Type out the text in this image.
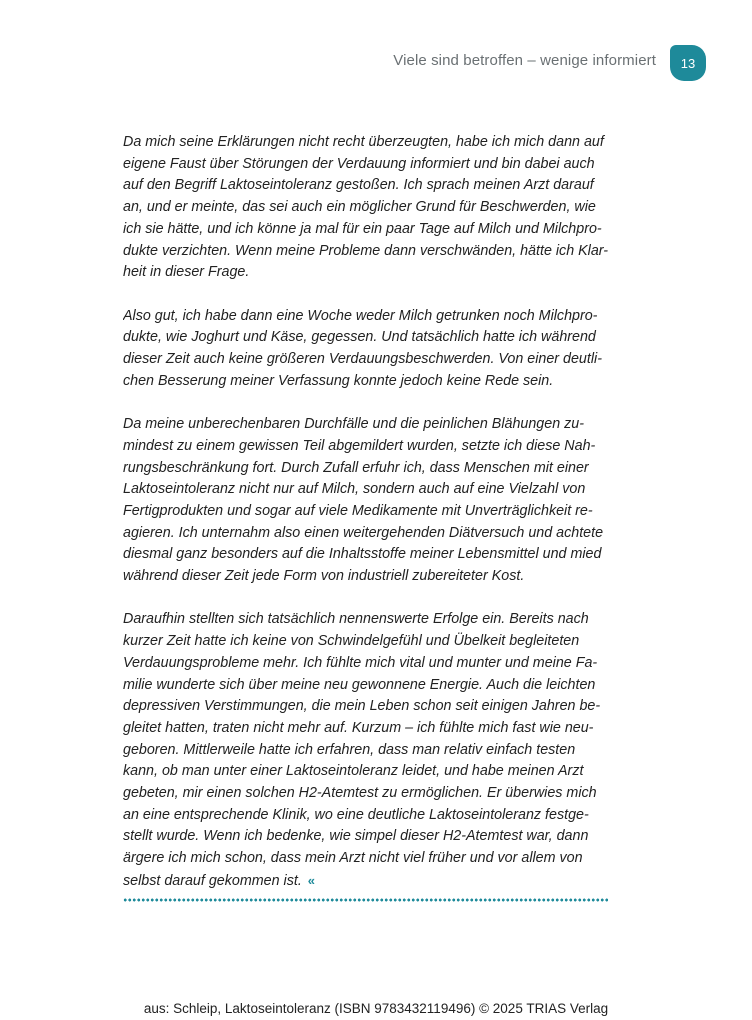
Viele sind betroffen – wenige informiert 13

Da mich seine Erklärungen nicht recht überzeugten, habe ich mich dann auf
eigene Faust über Störungen der Verdauung informiert und bin dabei auch
auf den Begriff Laktoseintoleranz gestoßen. Ich sprach meinen Arzt darauf
an, und er meinte, das sei auch ein möglicher Grund für Beschwerden, wie
ich sie hätte, und ich könne ja mal für ein paar Tage auf Milch und Milchpro-
dukte verzichten. Wenn meine Probleme dann verschwänden, hätte ich Klar-
heit in dieser Frage.

Also gut, ich habe dann eine Woche weder Milch getrunken noch Milchpro-
dukte, wie Joghurt und Käse, gegessen. Und tatsächlich hatte ich während
dieser Zeit auch keine größeren Verdauungsbeschwerden. Von einer deutli-
chen Besserung meiner Verfassung konnte jedoch keine Rede sein.

Da meine unberechenbaren Durchfälle und die peinlichen Blähungen zu-
mindest zu einem gewissen Teil abgemildert wurden, setzte ich diese Nah-
rungsbeschränkung fort. Durch Zufall erfuhr ich, dass Menschen mit einer
Laktoseintoleranz nicht nur auf Milch, sondern auch auf eine Vielzahl von
Fertigprodukten und sogar auf viele Medikamente mit Unverträglichkeit re-
agieren. Ich unternahm also einen weitergehenden Diätversuch und achtete
diesmal ganz besonders auf die Inhaltsstoffe meiner Lebensmittel und mied
während dieser Zeit jede Form von industriell zubereiteter Kost.

Daraufhin stellten sich tatsächlich nennenswerte Erfolge ein. Bereits nach
kurzer Zeit hatte ich keine von Schwindelgefühl und Übelkeit begleiteten
Verdauungsprobleme mehr. Ich fühlte mich vital und munter und meine Fa-
milie wunderte sich über meine neu gewonnene Energie. Auch die leichten
depressiven Verstimmungen, die mein Leben schon seit einigen Jahren be-
gleitet hatten, traten nicht mehr auf. Kurzum – ich fühlte mich fast wie neu-
geboren. Mittlerweile hatte ich erfahren, dass man relativ einfach testen
kann, ob man unter einer Laktoseintoleranz leidet, und habe meinen Arzt
gebeten, mir einen solchen H2-Atemtest zu ermöglichen. Er überwies mich
an eine entsprechende Klinik, wo eine deutliche Laktoseintoleranz festge-
stellt wurde. Wenn ich bedenke, wie simpel dieser H2-Atemtest war, dann
ärgere ich mich schon, dass mein Arzt nicht viel früher und vor allem von
selbst darauf gekommen ist. «

aus: Schleip, Laktoseintoleranz (ISBN 9783432119496) © 2025 TRIAS Verlag
